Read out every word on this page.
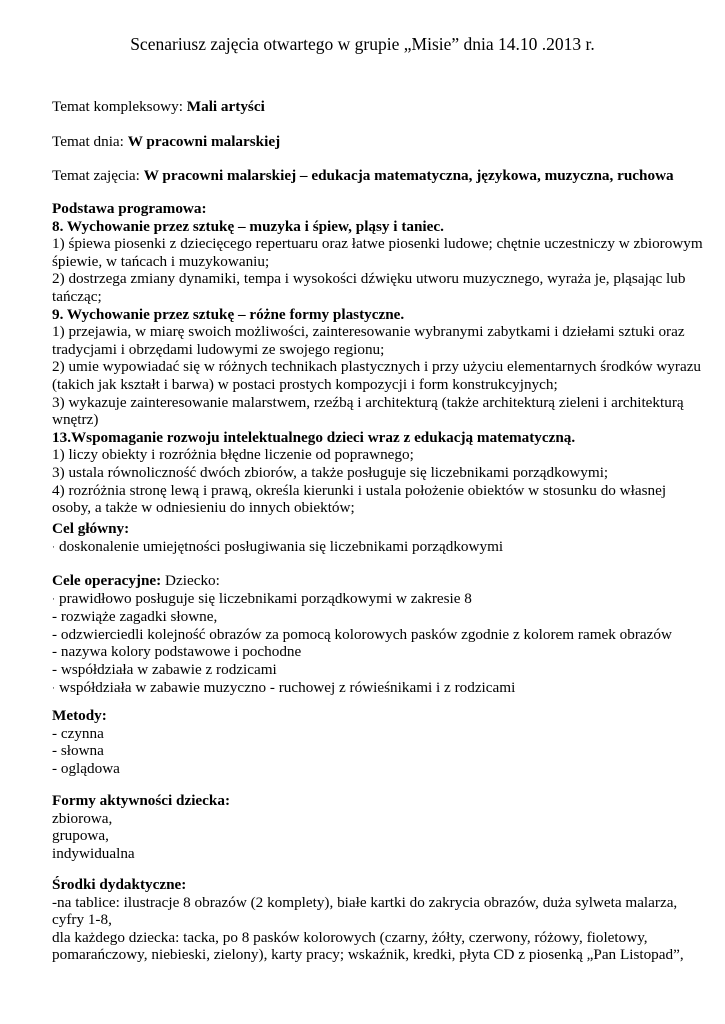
Scenariusz zajęcia otwartego w grupie „Misie” dnia 14.10 .2013 r.
Temat kompleksowy: Mali artyści
Temat dnia: W pracowni malarskiej
Temat zajęcia: W pracowni malarskiej – edukacja matematyczna, językowa, muzyczna, ruchowa
Podstawa programowa:
8. Wychowanie przez sztukę – muzyka i śpiew, pląsy i taniec.
1) śpiewa piosenki z dziecięcego repertuaru oraz łatwe piosenki ludowe; chętnie uczestniczy w zbiorowym
śpiewie, w tańcach i muzykowaniu;
2) dostrzega zmiany dynamiki, tempa i wysokości dźwięku utworu muzycznego, wyraża je, pląsając lub
tańcząc;
9. Wychowanie przez sztukę – różne formy plastyczne.
1) przejawia, w miarę swoich możliwości, zainteresowanie wybranymi zabytkami i dziełami sztuki oraz
tradycjami i obrzędami ludowymi ze swojego regionu;
2) umie wypowiadać się w różnych technikach plastycznych i przy użyciu elementarnych środków wyrazu
(takich jak kształt i barwa) w postaci prostych kompozycji i form konstrukcyjnych;
3) wykazuje zainteresowanie malarstwem, rzeźbą i architekturą (także architekturą zieleni i architekturą
wnętrz)
13.Wspomaganie rozwoju intelektualnego dzieci wraz z edukacją matematyczną.
1) liczy obiekty i rozróżnia błędne liczenie od poprawnego;
3) ustala równoliczność dwóch zbiorów, a także posługuje się liczebnikami porządkowymi;
4) rozróżnia stronę lewą i prawą, określa kierunki i ustala położenie obiektów w stosunku do własnej
osoby, a także w odniesieniu do innych obiektów;
Cel główny:
· doskonalenie umiejętności posługiwania się liczebnikami porządkowymi
Cele operacyjne: Dziecko:
· prawidłowo posługuje się liczebnikami porządkowymi w zakresie 8
- rozwiąże zagadki słowne,
- odzwierciedli kolejność obrazów za pomocą kolorowych pasków zgodnie z kolorem ramek obrazów
- nazywa kolory podstawowe i pochodne
- współdziała w zabawie z rodzicami
· współdziała w zabawie muzyczno - ruchowej z rówieśnikami i z rodzicami
Metody:
- czynna
- słowna
- oglądowa
Formy aktywności dziecka:
zbiorowa,
grupowa,
indywidualna
Środki dydaktyczne:
-na tablice: ilustracje 8 obrazów (2 komplety), białe kartki do zakrycia obrazów, duża sylweta malarza,
cyfry 1-8,
dla każdego dziecka: tacka, po 8 pasków kolorowych (czarny, żółty, czerwony, różowy, fioletowy,
pomarańczowy, niebieski, zielony), karty pracy; wskaźnik, kredki, płyta CD z piosenką „Pan Listopad”,
